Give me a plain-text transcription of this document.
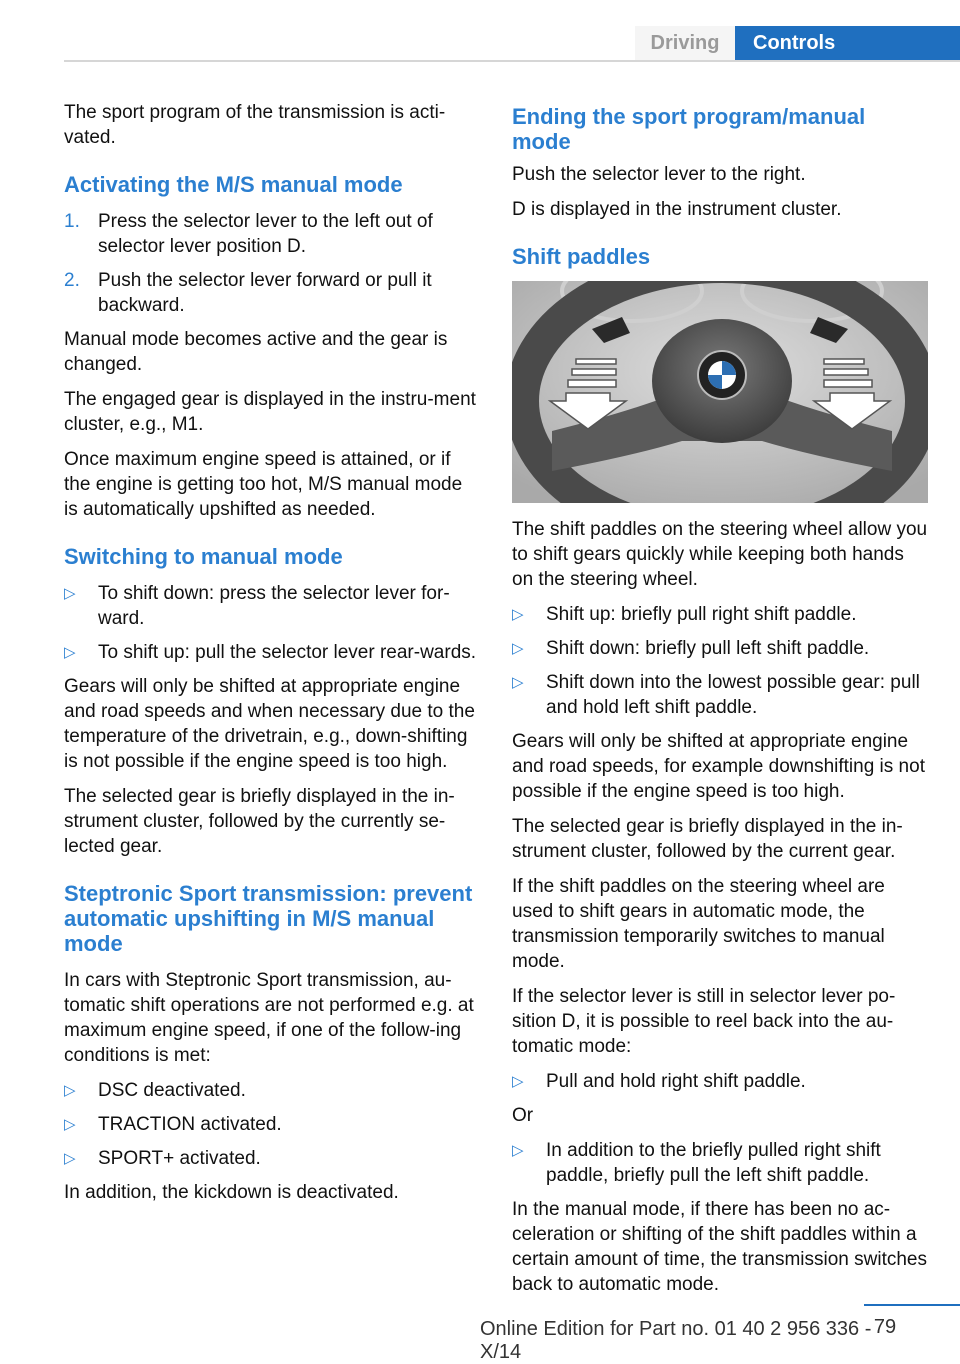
Driving	Controls

The sport program of the transmission is acti‐vated.

Activating the M/S manual mode
1. Press the selector lever to the left out of selector lever position D.
2. Push the selector lever forward or pull it backward.

Manual mode becomes active and the gear is changed.

The engaged gear is displayed in the instru‐ment cluster, e.g., M1.

Once maximum engine speed is attained, or if the engine is getting too hot, M/S manual mode is automatically upshifted as needed.

Switching to manual mode
▷ To shift down: press the selector lever for‐ward.
▷ To shift up: pull the selector lever rear‐wards.

Gears will only be shifted at appropriate engine and road speeds and when necessary due to the temperature of the drivetrain, e.g., down‐shifting is not possible if the engine speed is too high.

The selected gear is briefly displayed in the in‐strument cluster, followed by the currently se‐lected gear.

Steptronic Sport transmission: prevent automatic upshifting in M/S manual mode

In cars with Steptronic Sport transmission, au‐tomatic shift operations are not performed e.g. at maximum engine speed, if one of the follow‐ing conditions is met:

▷ DSC deactivated.
▷ TRACTION activated.
▷ SPORT+ activated.

In addition, the kickdown is deactivated.

Ending the sport program/manual mode

Push the selector lever to the right.

D is displayed in the instrument cluster.

Shift paddles

The shift paddles on the steering wheel allow you to shift gears quickly while keeping both hands on the steering wheel.

▷ Shift up: briefly pull right shift paddle.
▷ Shift down: briefly pull left shift paddle.
▷ Shift down into the lowest possible gear: pull and hold left shift paddle.

Gears will only be shifted at appropriate engine and road speeds, for example downshifting is not possible if the engine speed is too high.

The selected gear is briefly displayed in the in‐strument cluster, followed by the current gear.

If the shift paddles on the steering wheel are used to shift gears in automatic mode, the transmission temporarily switches to manual mode.

If the selector lever is still in selector lever po‐sition D, it is possible to reel back into the au‐tomatic mode:

▷ Pull and hold right shift paddle.

Or

▷ In addition to the briefly pulled right shift paddle, briefly pull the left shift paddle.

In the manual mode, if there has been no ac‐celeration or shifting of the shift paddles within a certain amount of time, the transmission switches back to automatic mode.

79
Online Edition for Part no. 01 40 2 956 336 - X/14
